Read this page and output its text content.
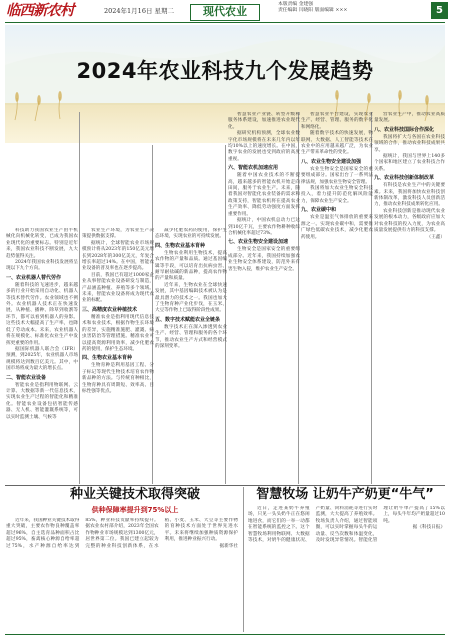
临西新农村	2024年1月16日 星期二	现代农业
本版责编 金建强
责任编辑 闫晓阳 版面编辑 ×××	5
2024年农业科技九个发展趋势

科技助力我国农业生产由半机械化向机械化转变，已成为我国农业现代化的重要标志。特别是近年来，我国农业科技不断发展，九大趋势值得关注。

2024年我国农业科技发展将呈现以下九个方向。

一、农业机器人替代劳作

随着科技的飞速进步，越来越多的行业开始采用自动化、机器人等技术替代劳作。农业领域也不例外。农业机器人技术正在快速发展，从种植、播种、除草到收割等环节，都可以看到机器人的身影。这些技术大幅提高了生产率，也降低了劳动成本。未来，农业机器人将在规模化、标准化农业生产中发挥更重要的作用。

据国际机器人联合会（IFR）预测，到2025年，农业机器人市场规模将达到数百亿美元。其中，中国市场将成为最大的增长点。

二、智能农业设备

智能农业是指利用物联网、云计算、大数据等新一代信息技术，实现农业生产过程的智能化和精准化。智能农业设备包括智能传感器、无人机、智能灌溉系统等，可以实时监测土壤、气候等

农业生产环境，为农业生产决策提供数据支撑。

据统计，全球智能农业市场规模预计将从2023年的150亿美元增长到2028年的300亿美元，年复合增长率超过14%。在中国，智能农业设备的普及率也在逐步提高。

目前，我国已有超过1000家企业从事智能农业设备研发与制造，产品涵盖种植、养殖等多个领域。未来，智能农业设备将成为现代农业的标配。

三、高精度农业种植技术

精准农业是指利用现代信息技术和农业技术，根据作物生长环境的差异，实施精准施肥、灌溉、病虫害防治等管理措施。精准农业可以提高资源利用效率，减少化肥农药的使用，保护生态环境。

四、生物农业基本育种

生物育种是利用基因工程、分子标记等现代生物技术培育农作物新品种的方法。与传统育种相比，生物育种具有周期短、效率高、目标性强等优点。

减少化肥农药的使用，保护生态环境，实现农业的可持续发展。

四、生物农业基本育种

生物农业利用生物技术，提高农作物的产量和品质。通过基因编辑等手段，可以培育出抗病虫害、耐旱耐盐碱的新品种，提高农作物的产量和质量。

近年来，生物农业在全球快速发展，其中基因编辑技术被认为是最具潜力的技术之一。我国也加大了生物育种产业化步伐，在玉米、大豆等作物上已取得阶段性成果。

五、数字技术赋能农业全链条

数字技术正在深入渗透到农业生产、经营、管理和服务的各个环节，推动农业生产方式和经营模式的深刻变革。

智慧农业产业链、转型升级和服务体系建设，加速推进农业现代化。

据研究机构预测，全球农业数字化市场规模将在未来几年内以年均10%以上的速度增长。在中国，数字农业的发展也受到政府的高度重视。

六、智能农机加速应用

随着中国农业技术的不断提高，越来越多的智能农机开始走向田间，服务于农业生产。未来，随着我国对智能化农业装备的需求和政策支持，智能农机将在提高农业生产效率、降低劳动强度方面发挥重要作用。

据统计，中国农机总动力已达到10亿千瓦，主要农作物耕种收综合机械化率超过73%。

七、农业生物安全建设加速

生物安全是国家安全的重要组成部分。近年来，我国持续加强农业生物安全体系建设，防范外来有害生物入侵，维护农业生产安全。

智慧农业平台建设，实现农业生产、经营、管理、服务的数字化和网络化。

随着数字技术的快速发展，物联网、大数据、人工智能等技术在农业中的应用越来越广泛，为农业生产带来革命性的变化。

八、农业生物安全建设加强

农业生物安全是国家安全的重要组成部分。国家出台了一系列法律法规，加强农业生物安全管理。

我国将加大农业生物安全科技投入，着力提升防范化解风险能力，保障农业生产安全。

九、农业碳中和

农业是温室气体排放的重要来源之一。实现农业碳中和，需要推广绿色低碳农业技术，减少化肥农药使用。

营农业生产中，推动农业高质量发展。

八、农业科技国际合作深化

我国将扩大与各国在农业科技领域的合作，推动农业科技成果共享。

据统计，我国与世界上140多个国家和地区建立了农业科技合作关系。

九、农业科技创新体制改革

有科技是农业生产中的关键要素。未来，我国将加快农业科技创新体制改革，激发科技人员创新活力，推动农业科技成果转化应用。

农业科技创新是推动现代农业发展的根本动力，各级政府应加大对农业科技的投入力度，为农业高质量发展提供有力的科技支撑。

（王鑫）

种业关键技术取得突破
供种保障率提升到75%以上

近年来，我国种业关键技术取得重大突破，主要农作物良种覆盖率超过96%，自主选育品种面积占比超过95%，畜禽核心种源自给率超过75%，水产种源自给率达到85%，种业科技贡献率持续提升。据农业农村部介绍，2023年全国农作物种业市场规模达到1300亿元，居世界第二位。我国已建立起较为完整的种业科技创新体系，在水稻、小麦、玉米、大豆等主要作物的育种技术方面处于世界先进水平。未来将继续加强种质资源保护利用，推进种业振兴行动。

据新华社

智慧牧场 让奶牛产奶更“牛气”

近日，走进某奶牛养殖场，只见一头头奶牛正在悠闲地进食，而它们的一举一动都在智能系统的监控之下。这个智慧牧场利用物联网、大数据等技术，对奶牛的健康状况、产奶量、饲料消耗等进行实时监测，大大提高了养殖效率。牧场负责人介绍，通过智能项圈，可以实时掌握每头牛的运动量、反刍次数和体温变化，及时发现异常情况。智能化管理让奶牛单产提高了15%以上，每头牛年均产奶量超过10吨。

据《科技日报》
